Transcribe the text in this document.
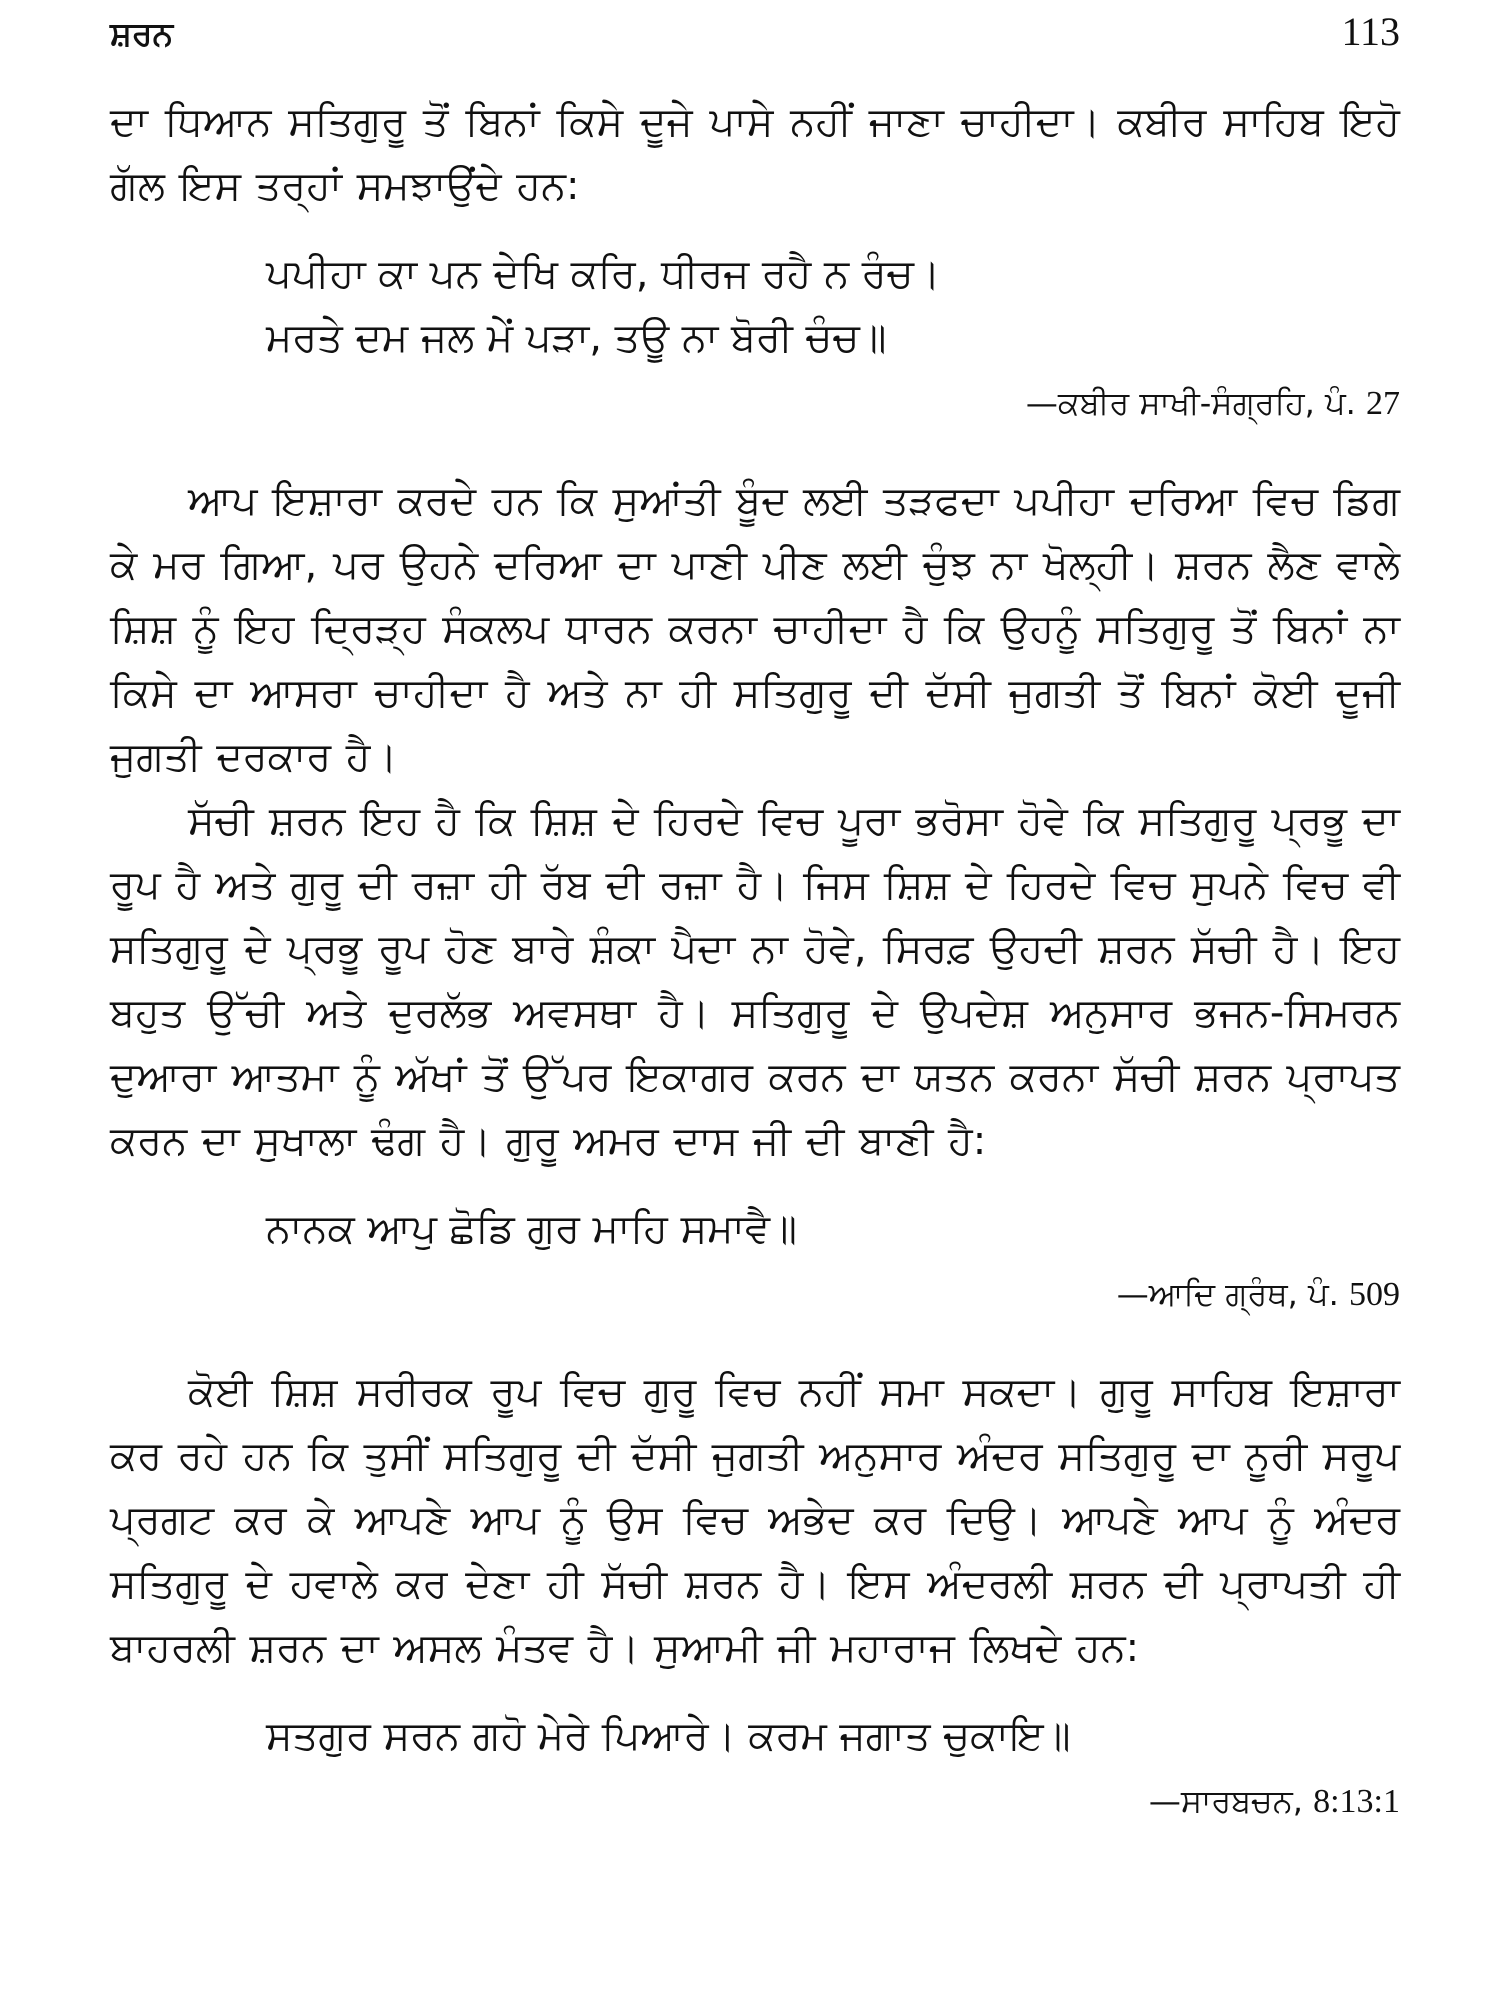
ਸ਼ਰਨ	113

ਦਾ ਧਿਆਨ ਸਤਿਗੁਰੂ ਤੋਂ ਬਿਨਾਂ ਕਿਸੇ ਦੂਜੇ ਪਾਸੇ ਨਹੀਂ ਜਾਣਾ ਚਾਹੀਦਾ। ਕਬੀਰ ਸਾਹਿਬ ਇਹੋ ਗੱਲ ਇਸ ਤਰ੍ਹਾਂ ਸਮਝਾਉਂਦੇ ਹਨ:

ਪਪੀਹਾ ਕਾ ਪਨ ਦੇਖਿ ਕਰਿ, ਧੀਰਜ ਰਹੈ ਨ ਰੰਚ।

ਮਰਤੇ ਦਮ ਜਲ ਮੇਂ ਪੜਾ, ਤਊ ਨਾ ਬੋਰੀ ਚੰਚ॥

—ਕਬੀਰ ਸਾਖੀ-ਸੰਗ੍ਰਹਿ, ਪੰ. 27

ਆਪ ਇਸ਼ਾਰਾ ਕਰਦੇ ਹਨ ਕਿ ਸੁਆਂਤੀ ਬੂੰਦ ਲਈ ਤੜਫਦਾ ਪਪੀਹਾ ਦਰਿਆ ਵਿਚ ਡਿਗ ਕੇ ਮਰ ਗਿਆ, ਪਰ ਉਹਨੇ ਦਰਿਆ ਦਾ ਪਾਣੀ ਪੀਣ ਲਈ ਚੁੰਝ ਨਾ ਖੋਲ੍ਹੀ। ਸ਼ਰਨ ਲੈਣ ਵਾਲੇ ਸ਼ਿਸ਼ ਨੂੰ ਇਹ ਦ੍ਰਿੜ੍ਹ ਸੰਕਲਪ ਧਾਰਨ ਕਰਨਾ ਚਾਹੀਦਾ ਹੈ ਕਿ ਉਹਨੂੰ ਸਤਿਗੁਰੂ ਤੋਂ ਬਿਨਾਂ ਨਾ ਕਿਸੇ ਦਾ ਆਸਰਾ ਚਾਹੀਦਾ ਹੈ ਅਤੇ ਨਾ ਹੀ ਸਤਿਗੁਰੂ ਦੀ ਦੱਸੀ ਜੁਗਤੀ ਤੋਂ ਬਿਨਾਂ ਕੋਈ ਦੂਜੀ ਜੁਗਤੀ ਦਰਕਾਰ ਹੈ।

ਸੱਚੀ ਸ਼ਰਨ ਇਹ ਹੈ ਕਿ ਸ਼ਿਸ਼ ਦੇ ਹਿਰਦੇ ਵਿਚ ਪੂਰਾ ਭਰੋਸਾ ਹੋਵੇ ਕਿ ਸਤਿਗੁਰੂ ਪ੍ਰਭੂ ਦਾ ਰੂਪ ਹੈ ਅਤੇ ਗੁਰੂ ਦੀ ਰਜ਼ਾ ਹੀ ਰੱਬ ਦੀ ਰਜ਼ਾ ਹੈ। ਜਿਸ ਸ਼ਿਸ਼ ਦੇ ਹਿਰਦੇ ਵਿਚ ਸੁਪਨੇ ਵਿਚ ਵੀ ਸਤਿਗੁਰੂ ਦੇ ਪ੍ਰਭੂ ਰੂਪ ਹੋਣ ਬਾਰੇ ਸ਼ੰਕਾ ਪੈਦਾ ਨਾ ਹੋਵੇ, ਸਿਰਫ਼ ਉਹਦੀ ਸ਼ਰਨ ਸੱਚੀ ਹੈ। ਇਹ ਬਹੁਤ ਉੱਚੀ ਅਤੇ ਦੁਰਲੱਭ ਅਵਸਥਾ ਹੈ। ਸਤਿਗੁਰੂ ਦੇ ਉਪਦੇਸ਼ ਅਨੁਸਾਰ ਭਜਨ-ਸਿਮਰਨ ਦੁਆਰਾ ਆਤਮਾ ਨੂੰ ਅੱਖਾਂ ਤੋਂ ਉੱਪਰ ਇਕਾਗਰ ਕਰਨ ਦਾ ਯਤਨ ਕਰਨਾ ਸੱਚੀ ਸ਼ਰਨ ਪ੍ਰਾਪਤ ਕਰਨ ਦਾ ਸੁਖਾਲਾ ਢੰਗ ਹੈ। ਗੁਰੂ ਅਮਰ ਦਾਸ ਜੀ ਦੀ ਬਾਣੀ ਹੈ:

ਨਾਨਕ ਆਪੁ ਛੋਡਿ ਗੁਰ ਮਾਹਿ ਸਮਾਵੈ॥

—ਆਦਿ ਗ੍ਰੰਥ, ਪੰ. 509

ਕੋਈ ਸ਼ਿਸ਼ ਸਰੀਰਕ ਰੂਪ ਵਿਚ ਗੁਰੂ ਵਿਚ ਨਹੀਂ ਸਮਾ ਸਕਦਾ। ਗੁਰੂ ਸਾਹਿਬ ਇਸ਼ਾਰਾ ਕਰ ਰਹੇ ਹਨ ਕਿ ਤੁਸੀਂ ਸਤਿਗੁਰੂ ਦੀ ਦੱਸੀ ਜੁਗਤੀ ਅਨੁਸਾਰ ਅੰਦਰ ਸਤਿਗੁਰੂ ਦਾ ਨੂਰੀ ਸਰੂਪ ਪ੍ਰਗਟ ਕਰ ਕੇ ਆਪਣੇ ਆਪ ਨੂੰ ਉਸ ਵਿਚ ਅਭੇਦ ਕਰ ਦਿਉ। ਆਪਣੇ ਆਪ ਨੂੰ ਅੰਦਰ ਸਤਿਗੁਰੂ ਦੇ ਹਵਾਲੇ ਕਰ ਦੇਣਾ ਹੀ ਸੱਚੀ ਸ਼ਰਨ ਹੈ। ਇਸ ਅੰਦਰਲੀ ਸ਼ਰਨ ਦੀ ਪ੍ਰਾਪਤੀ ਹੀ ਬਾਹਰਲੀ ਸ਼ਰਨ ਦਾ ਅਸਲ ਮੰਤਵ ਹੈ। ਸੁਆਮੀ ਜੀ ਮਹਾਰਾਜ ਲਿਖਦੇ ਹਨ:

ਸਤਗੁਰ ਸਰਨ ਗਹੋ ਮੇਰੇ ਪਿਆਰੇ। ਕਰਮ ਜਗਾਤ ਚੁਕਾਇ॥

—ਸਾਰਬਚਨ, 8:13:1
